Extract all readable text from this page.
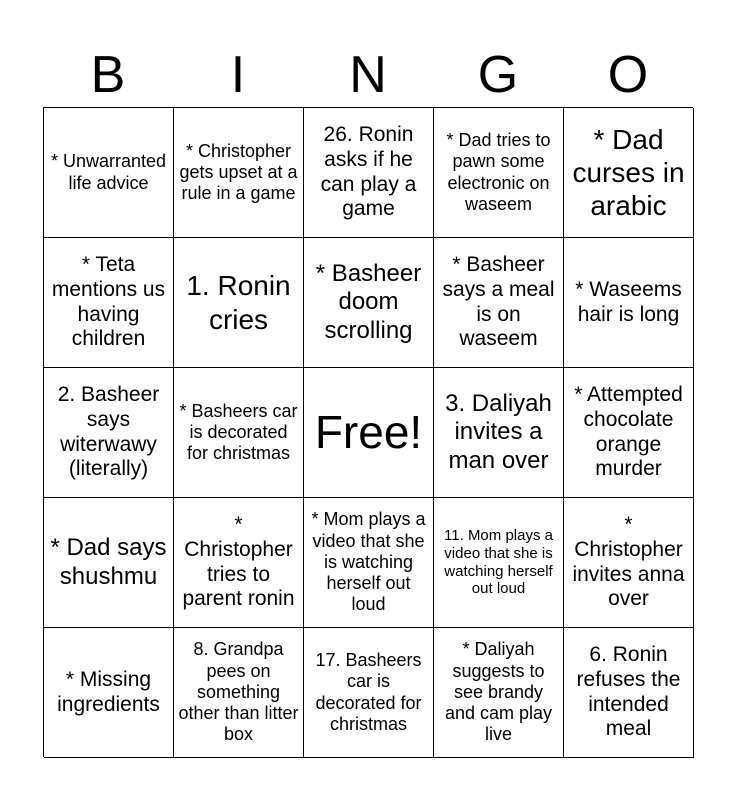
B	I	N	G	O
* Unwarranted life advice
* Christopher gets upset at a rule in a game
26. Ronin asks if he can play a game
* Dad tries to pawn some electronic on waseem
* Dad curses in arabic
* Teta mentions us having children
1. Ronin cries
* Basheer doom scrolling
* Basheer says a meal is on waseem
* Waseems hair is long
2. Basheer says witerwawy (literally)
* Basheers car is decorated for christmas Free!
3. Daliyah invites a man over
* Attempted chocolate orange murder
* Dad says shushmu
* Christopher tries to parent ronin
* Mom plays a video that she is watching herself out loud
11. Mom plays a video that she is watching herself out loud
* Christopher invites anna over
* Missing ingredients
8. Grandpa pees on something other than litter box
17. Basheers car is decorated for christmas
* Daliyah suggests to see brandy and cam play live
6. Ronin refuses the intended meal
